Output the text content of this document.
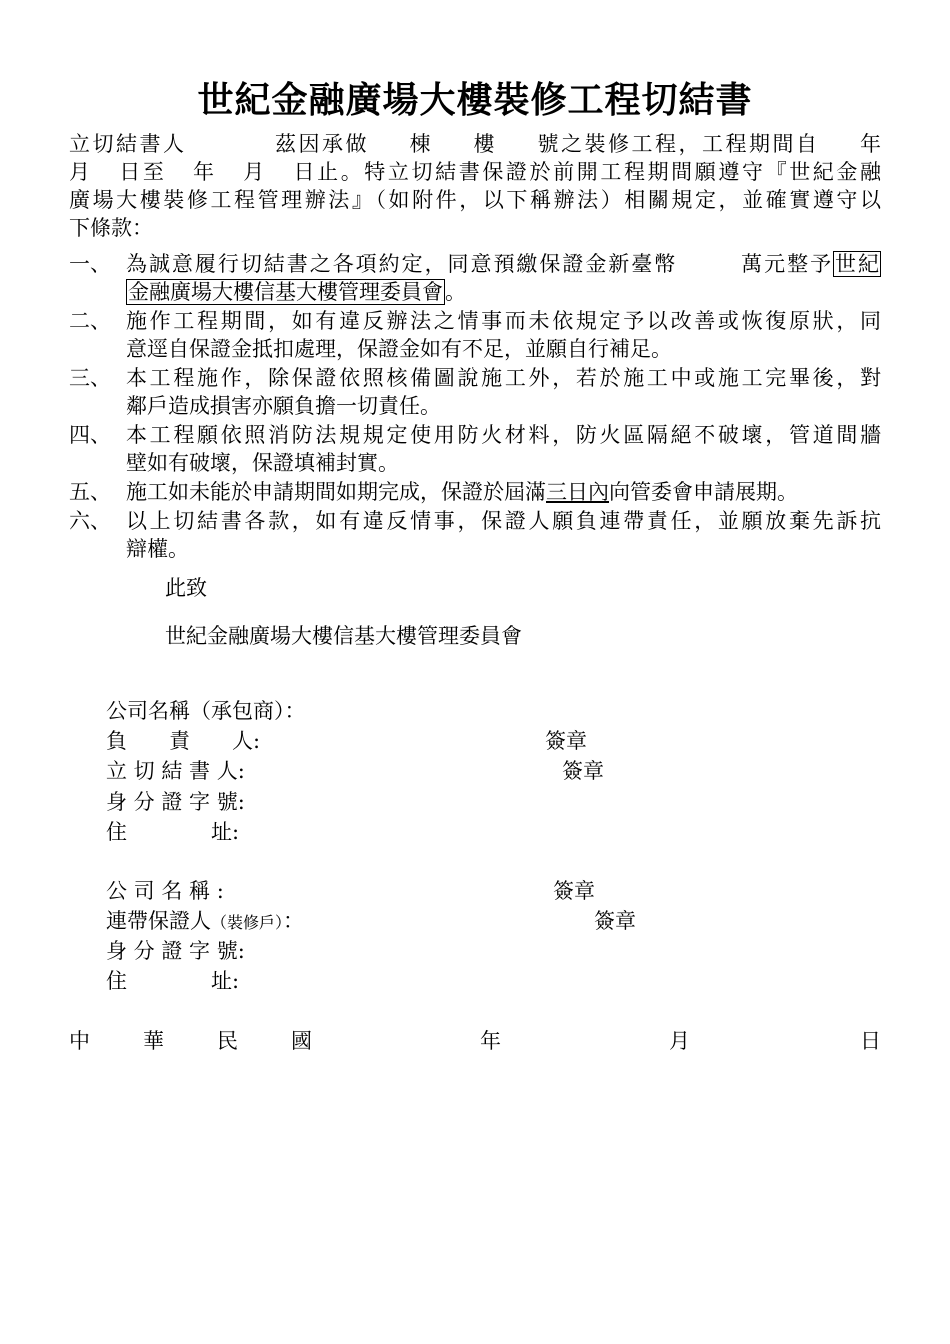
世紀金融廣場大樓裝修工程切結書
立切結書人	茲因承做 棟 樓 號之裝修工程，工程期間自 年
月 日至 年 月 日止。特立切結書保證於前開工程期間願遵守『世紀金融
廣場大樓裝修工程管理辦法』（如附件，以下稱辦法）相關規定，並確實遵守以
下條款：
一、 為誠意履行切結書之各項約定，同意預繳保證金新臺幣	萬元整予世紀
金融廣場大樓信基大樓管理委員會。
二、 施作工程期間，如有違反辦法之情事而未依規定予以改善或恢復原狀，同
意逕自保證金抵扣處理，保證金如有不足，並願自行補足。
三、 本工程施作，除保證依照核備圖說施工外，若於施工中或施工完畢後，對
鄰戶造成損害亦願負擔一切責任。
四、 本工程願依照消防法規規定使用防火材料，防火區隔絕不破壞，管道間牆
壁如有破壞，保證填補封實。
五、 施工如未能於申請期間如期完成，保證於屆滿三日內向管委會申請展期。
六、 以上切結書各款，如有違反情事，保證人願負連帶責任，並願放棄先訴抗
辯權。
此致
世紀金融廣場大樓信基大樓管理委員會
公司名稱（承包商）：
負　　責　　人:	簽章
立 切 結 書 人:	簽章
身 分 證 字 號:
住　　　　址:
公 司 名 稱 :	簽章
連帶保證人（裝修戶）：	簽章
身 分 證 字 號:
住　　　　址:
中	華	民	國	年	月	日
